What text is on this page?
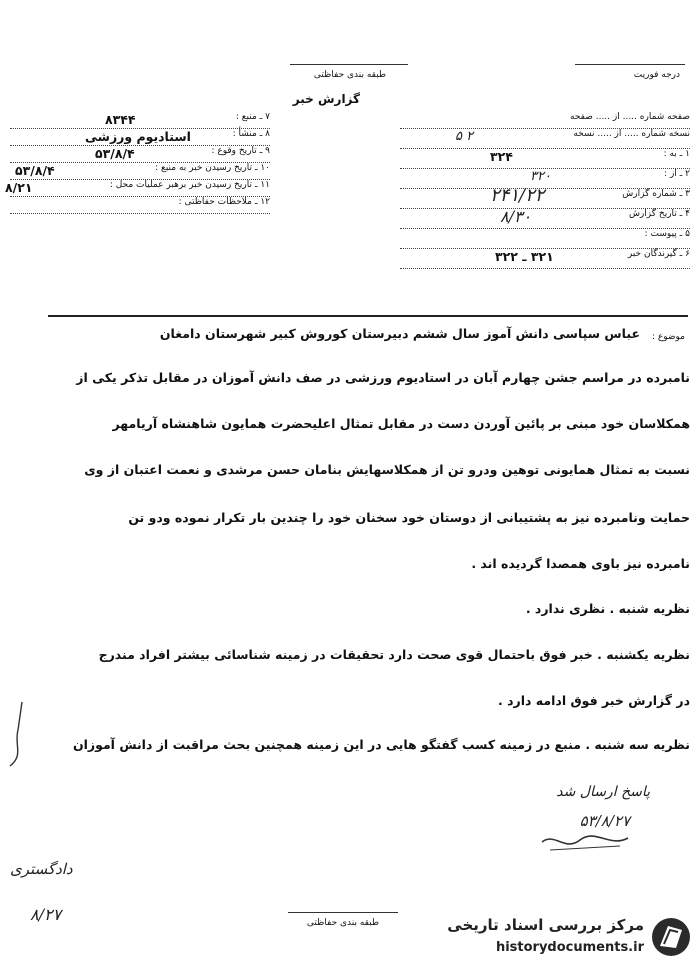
طبقه بندی حفاظتی	درجه فوریت
گزارش خبر
صفحه شماره ..... از ..... صفحه
نسخه شماره ..... از ..... نسخه
۲ ۵
۱ ـ به :
۳۲۴
۲ ـ از :
۳۲۰
۳ ـ شماره گزارش
۲۴۱/۲۲
۴ ـ تاریخ گزارش
۸/۳۰
۵ ـ پیوست :
۶ ـ گیرندگان خبر
۳۲۱ ـ ۳۲۲
۷ ـ منبع :
۸۳۴۴
۸ ـ منشأ :
استادیوم ورزشی
۹ ـ تاریخ وقوع :
۵۳/۸/۴
۱۰ ـ تاریخ رسیدن خبر به منبع :
۵۳/۸/۴
۱۱ ـ تاریخ رسیدن خبر برهبر عملیات محل :
۸/۲۱
۱۲ ـ ملاحظات حفاظتی :
موضوع :
عباس سپاسی دانش آموز سال ششم دبیرستان کوروش کبیر شهرستان دامغان
نامبرده در مراسم جشن چهارم آبان در استادیوم ورزشی در صف دانش آموزان در مقابل تذکر یکی از
همکلاسان خود مبنی بر پائین آوردن دست در مقابل تمثال اعلیحضرت همایون شاهنشاه آریامهر
نسبت به تمثال همایونی توهین ودرو تن از همکلاسهایش بنامان حسن مرشدی و نعمت اعتبان از وی
حمایت ونامبرده نیز به پشتیبانی از دوستان خود سخنان خود را چندین بار تکرار نموده ودو تن
نامبرده نیز باوی همصدا گردیده اند .
نظریه شنبه . نظری ندارد .
نظریه یکشنبه . خبر فوق باحتمال قوی صحت دارد تحقیقات در زمینه شناسائی بیشتر افراد مندرج
در گزارش خبر فوق ادامه دارد .
نظریه سه شنبه . منبع در زمینه کسب گفتگو هایی در این زمینه همچنین بحث مراقبت از دانش آموزان
پاسخ ارسال شد
۵۳/۸/۲۷
دادگستری
۸/۲۷	طبقه بندی حفاظتی	مرکز بررسی اسناد تاریخی
historydocuments.ir
